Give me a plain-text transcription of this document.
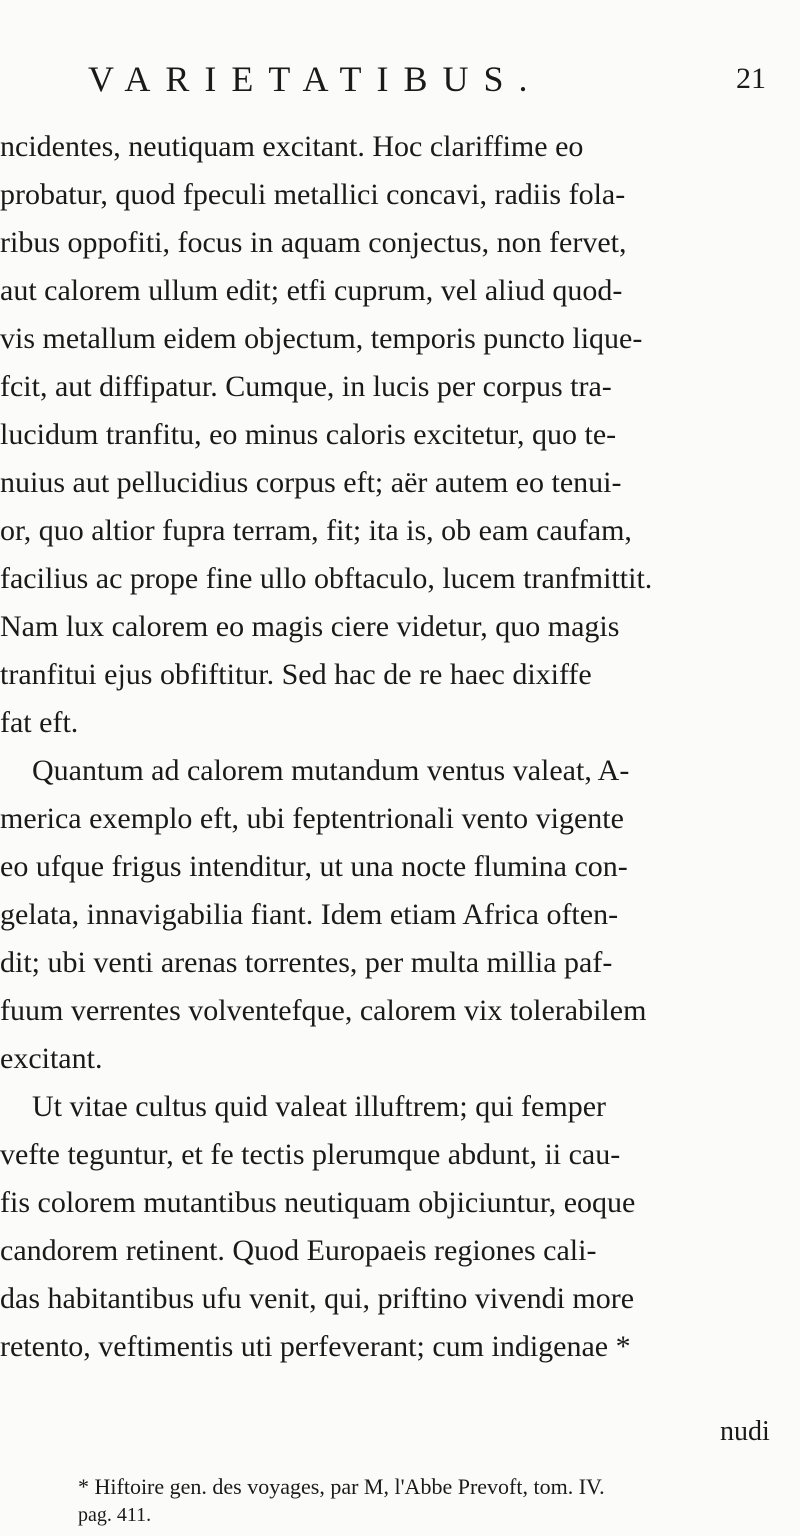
VARIETATIBUS.	21
ncidentes, neutiquam excitant. Hoc clariffime eo
probatur, quod fpeculi metallici concavi, radiis fola-
ribus oppofiti, focus in aquam conjectus, non fervet,
aut calorem ullum edit; etfi cuprum, vel aliud quod-
vis metallum eidem objectum, temporis puncto lique-
fcit, aut diffipatur. Cumque, in lucis per corpus tra-
lucidum tranfitu, eo minus caloris excitetur, quo te-
nuius aut pellucidius corpus eft; aër autem eo tenui-
or, quo altior fupra terram, fit; ita is, ob eam caufam,
facilius ac prope fine ullo obftaculo, lucem tranfmittit.
Nam lux calorem eo magis ciere videtur, quo magis
tranfitui ejus obfiftitur. Sed hac de re haec dixiffe
fat eft.
Quantum ad calorem mutandum ventus valeat, A-
merica exemplo eft, ubi feptentrionali vento vigente
eo ufque frigus intenditur, ut una nocte flumina con-
gelata, innavigabilia fiant. Idem etiam Africa often-
dit; ubi venti arenas torrentes, per multa millia paf-
fuum verrentes volventefque, calorem vix tolerabilem
excitant.
Ut vitae cultus quid valeat illuftrem; qui femper
vefte teguntur, et fe tectis plerumque abdunt, ii cau-
fis colorem mutantibus neutiquam objiciuntur, eoque
candorem retinent. Quod Europaeis regiones cali-
das habitantibus ufu venit, qui, priftino vivendi more
retento, veftimentis uti perfeverant; cum indigenae *
nudi
* Hiftoire gen. des voyages, par M, l'Abbe Prevoft, tom. IV.
pag. 411.
